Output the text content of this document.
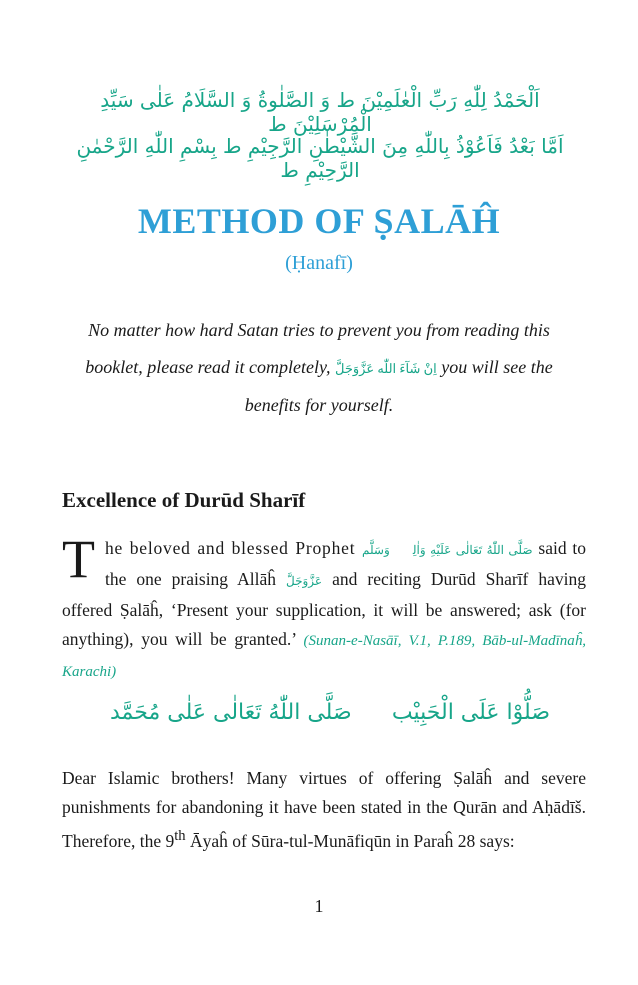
اَلْحَمْدُ لِلّٰهِ رَبِّ الْعٰلَمِیْنَ ط وَ الصَّلٰوةُ وَ السَّلَامُ عَلٰی سَیِّدِ الْمُرْسَلِیْنَ ط
اَمَّا بَعْدُ فَاَعُوْذُ بِاللّٰهِ مِنَ الشَّیْطٰنِ الرَّجِیْمِ ط بِسْمِ اللّٰهِ الرَّحْمٰنِ الرَّحِیْمِ ط
METHOD OF ṢALĀĤ
(Ḥanafī)
No matter how hard Satan tries to prevent you from reading this booklet, please read it completely, اِنْ شَآءَ اللّٰه عَزَّوَجَلَّ you will see the benefits for yourself.
Excellence of Durūd Sharīf
The beloved and blessed Prophet صَلَّى اللّٰهُ تَعَالٰى عَلَيْهِ وَاٰلِهٖ وَسَلَّم said to the one praising Allāĥ عَزَّوَجَلَّ and reciting Durūd Sharīf having offered Ṣalāĥ, ‘Present your supplication, it will be answered; ask (for anything), you will be granted.’ (Sunan-e-Nasāī, V.1, P.189, Bāb-ul-Madīnaĥ, Karachi)
صَلُّوْا عَلَى الْحَبِیْب
صَلَّى اللّٰهُ تَعَالٰى عَلٰى مُحَمَّد
Dear Islamic brothers! Many virtues of offering Ṣalāĥ and severe punishments for abandoning it have been stated in the Qurān and Aḥādīš. Therefore, the 9th Āyaĥ of Sūra-tul-Munāfiqūn in Paraĥ 28 says:
1
